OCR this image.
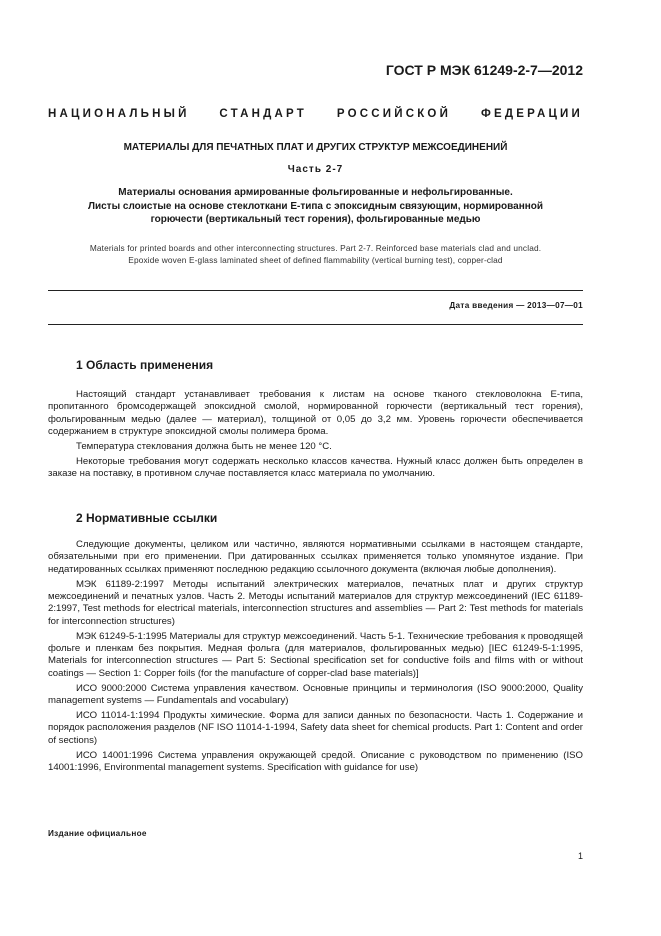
ГОСТ Р МЭК 61249-2-7—2012
НАЦИОНАЛЬНЫЙ СТАНДАРТ РОССИЙСКОЙ ФЕДЕРАЦИИ
МАТЕРИАЛЫ ДЛЯ ПЕЧАТНЫХ ПЛАТ И ДРУГИХ СТРУКТУР МЕЖСОЕДИНЕНИЙ
Часть 2-7
Материалы основания армированные фольгированные и нефольгированные.
Листы слоистые на основе стеклоткани Е-типа с эпоксидным связующим, нормированной
горючести (вертикальный тест горения), фольгированные медью
Materials for printed boards and other interconnecting structures. Part 2-7. Reinforced base materials clad and unclad.
Epoxide woven E-glass laminated sheet of defined flammability (vertical burning test), copper-clad
Дата введения — 2013—07—01
1 Область применения

Настоящий стандарт устанавливает требования к листам на основе тканого стекловолокна Е-типа, пропитанного бромсодержащей эпоксидной смолой, нормированной горючести (вертикальный тест горения), фольгированным медью (далее — материал), толщиной от 0,05 до 3,2 мм. Уровень горючести обеспечивается содержанием в структуре эпоксидной смолы полимера брома.

Температура стеклования должна быть не менее 120 °С.

Некоторые требования могут содержать несколько классов качества. Нужный класс должен быть определен в заказе на поставку, в противном случае поставляется класс материала по умолчанию.

2 Нормативные ссылки

Следующие документы, целиком или частично, являются нормативными ссылками в настоящем стандарте, обязательными при его применении. При датированных ссылках применяется только упомянутое издание. При недатированных ссылках применяют последнюю редакцию ссылочного документа (включая любые дополнения).

МЭК 61189-2:1997 Методы испытаний электрических материалов, печатных плат и других структур межсоединений и печатных узлов. Часть 2. Методы испытаний материалов для структур межсоединений (IEC 61189-2:1997, Test methods for electrical materials, interconnection structures and assemblies — Part 2: Test methods for materials for interconnection structures)

МЭК 61249-5-1:1995 Материалы для структур межсоединений. Часть 5-1. Технические требования к проводящей фольге и пленкам без покрытия. Медная фольга (для материалов, фольгированных медью) [IEC 61249-5-1:1995, Materials for interconnection structures — Part 5: Sectional specification set for conductive foils and films with or without coatings — Section 1: Copper foils (for the manufacture of copper-clad base materials)]

ИСО 9000:2000 Система управления качеством. Основные принципы и терминология (ISO 9000:2000, Quality management systems — Fundamentals and vocabulary)

ИСО 11014-1:1994 Продукты химические. Форма для записи данных по безопасности. Часть 1. Содержание и порядок расположения разделов (NF ISO 11014-1-1994, Safety data sheet for chemical products. Part 1: Content and order of sections)

ИСО 14001:1996 Система управления окружающей средой. Описание с руководством по применению (ISO 14001:1996, Environmental management systems. Specification with guidance for use)

Издание официальное
1
